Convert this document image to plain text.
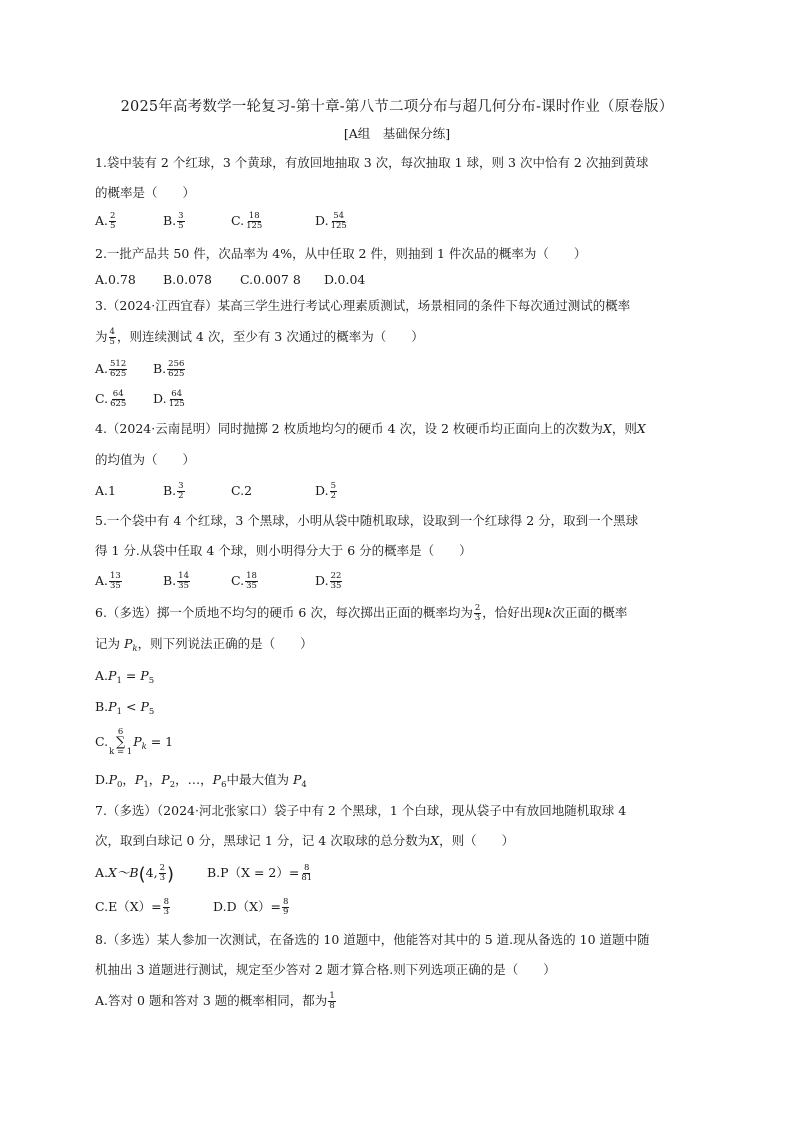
2025年高考数学一轮复习-第十章-第八节二项分布与超几何分布-课时作业（原卷版）
[A组　基础保分练]
1.袋中装有 2 个红球，3 个黄球，有放回地抽取 3 次，每次抽取 1 球，则 3 次中恰有 2 次抽到黄球
的概率是（　　）
A. $\frac{2}{5}$	B. $\frac{3}{5}$	C. $\frac{18}{125}$	D. $\frac{54}{125}$
2.一批产品共 50 件，次品率为 4%，从中任取 2 件，则抽到 1 件次品的概率为（　　）
A.0.78 B.0.078 C.0.007 8 D.0.04
3.（2024·江西宜春）某高三学生进行考试心理素质测试，场景相同的条件下每次通过测试的概率
为 $\frac{4}{5}$ ，则连续测试 4 次，至少有 3 次通过的概率为（　　）
A. $\frac{512}{625} B$. $\frac{256}{625}$
C. $\frac{64}{625} D$. $\frac{64}{125}$
4.（2024·云南昆明）同时抛掷 2 枚质地均匀的硬币 4 次，设 2 枚硬币均正面向上的次数为X，则X
的均值为（　　）
A.1	B. $\frac{3}{2}$	C.2	D. $\frac{5}{2}$
5.一个袋中有 4 个红球，3 个黑球，小明从袋中随机取球，设取到一个红球得 2 分，取到一个黑球
得 1 分.从袋中任取 4 个球，则小明得分大于 6 分的概率是（　　）
A. $\frac{13}{35}$	B. $\frac{14}{35}$	C. $\frac{18}{35}$	D. $\frac{22}{35}$
6.（多选）掷一个质地不均匀的硬币 6 次，每次掷出正面的概率均为 $\frac{2}{3}$ ，恰好出现k次正面的概率
记为 $P_k$，则下列说法正确的是（　　）
$A.P_1 = P_5$
$B.P_1 < P_5$
C.
6
∑
k = 1
$P_k = 1$
$D.P_0$，$P_1$，$P_2$，…，$P_6$中最大值为 $P_4$
7.（多选）（2024·河北张家口）袋子中有 2 个黑球，1 个白球，现从袋子中有放回地随机取球 4
次，取到白球记 0 分，黑球记 1 分，记 4 次取球的总分数为X，则（　　）
A.X～B(4, $\frac{2}{3}$ )	$B.P(X = 2)= \frac{8}{81}$
$C.E(X)= \frac{8}{3}$	$D.D(X)= \frac{8}{9}$
8.（多选）某人参加一次测试，在备选的 10 道题中，他能答对其中的 5 道.现从备选的 10 道题中随
机抽出 3 道题进行测试，规定至少答对 2 题才算合格.则下列选项正确的是（　　）
A.答对 0 题和答对 3 题的概率相同，都为 $\frac{1}{8}$
